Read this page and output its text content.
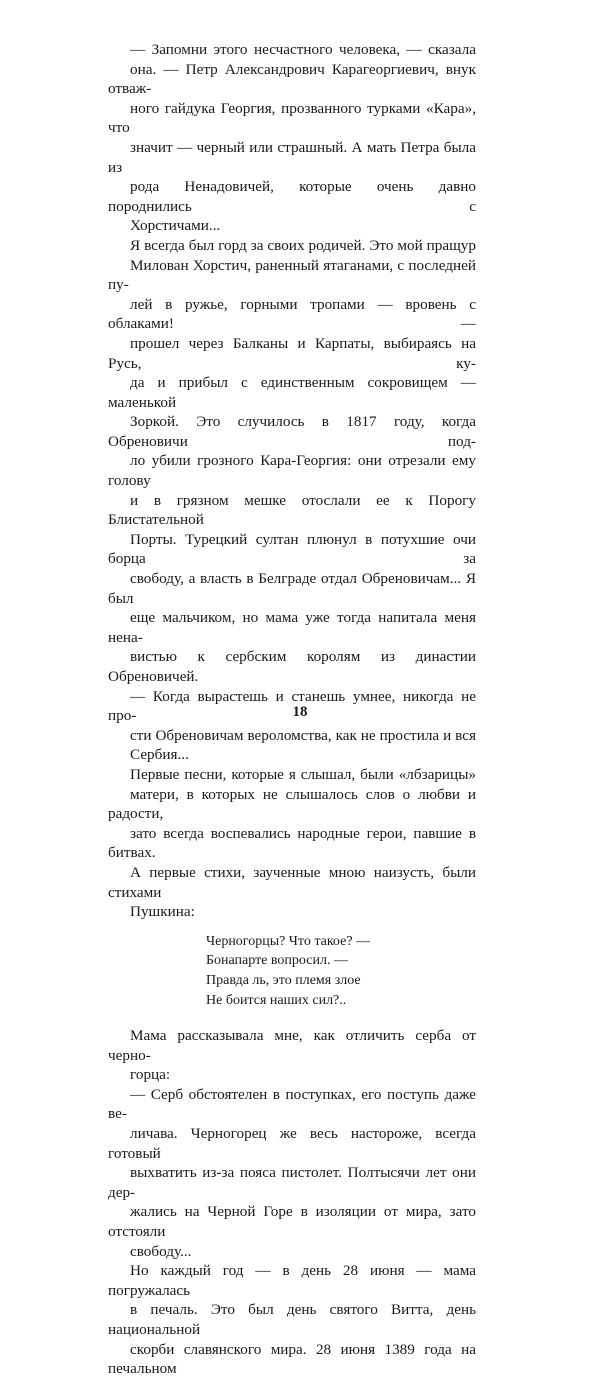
— Запомни этого несчастного человека, — сказала
она. — Петр Александрович Карагеоргиевич, внук отваж-
ного гайдука Георгия, прозванного турками «Кара», что
значит — черный или страшный. А мать Петра была из
рода Ненадовичей, которые очень давно породнились с
Хорстичами...

Я всегда был горд за своих родичей. Это мой пращур
Милован Хорстич, раненный ятаганами, с последней пу-
лей в ружье, горными тропами — вровень с облаками! —
прошел через Балканы и Карпаты, выбираясь на Русь, ку-
да и прибыл с единственным сокровищем — маленькой
Зоркой. Это случилось в 1817 году, когда Обреновичи под-
ло убили грозного Кара-Георгия: они отрезали ему голову
и в грязном мешке отослали ее к Порогу Блистательной
Порты. Турецкий султан плюнул в потухшие очи борца за
свободу, а власть в Белграде отдал Обреновичам... Я был
еще мальчиком, но мама уже тогда напитала меня нена-
вистью к сербским королям из династии Обреновичей.

— Когда вырастешь и станешь умнее, никогда не про-
сти Обреновичам вероломства, как не простила и вся
Сербия...

Первые песни, которые я слышал, были «лбзарицы»
матери, в которых не слышалось слов о любви и радости,
зато всегда воспевались народные герои, павшие в битвах.
А первые стихи, заученные мною наизусть, были стихами
Пушкина:

Черногорцы? Что такое? —
Бонапарте вопросил. —
Правда ль, это племя злое
Не боится наших сил?..

Мама рассказывала мне, как отличить серба от черно-
горца:

— Серб обстоятелен в поступках, его поступь даже ве-
личава. Черногорец же весь настороже, всегда готовый
выхватить из-за пояса пистолет. Полтысячи лет они дер-
жались на Черной Горе в изоляции от мира, зато отстояли
свободу...

Но каждый год — в день 28 июня — мама погружалась
в печаль. Это был день святого Витта, день национальной
скорби славянского мира. 28 июня 1389 года на печальном

18
